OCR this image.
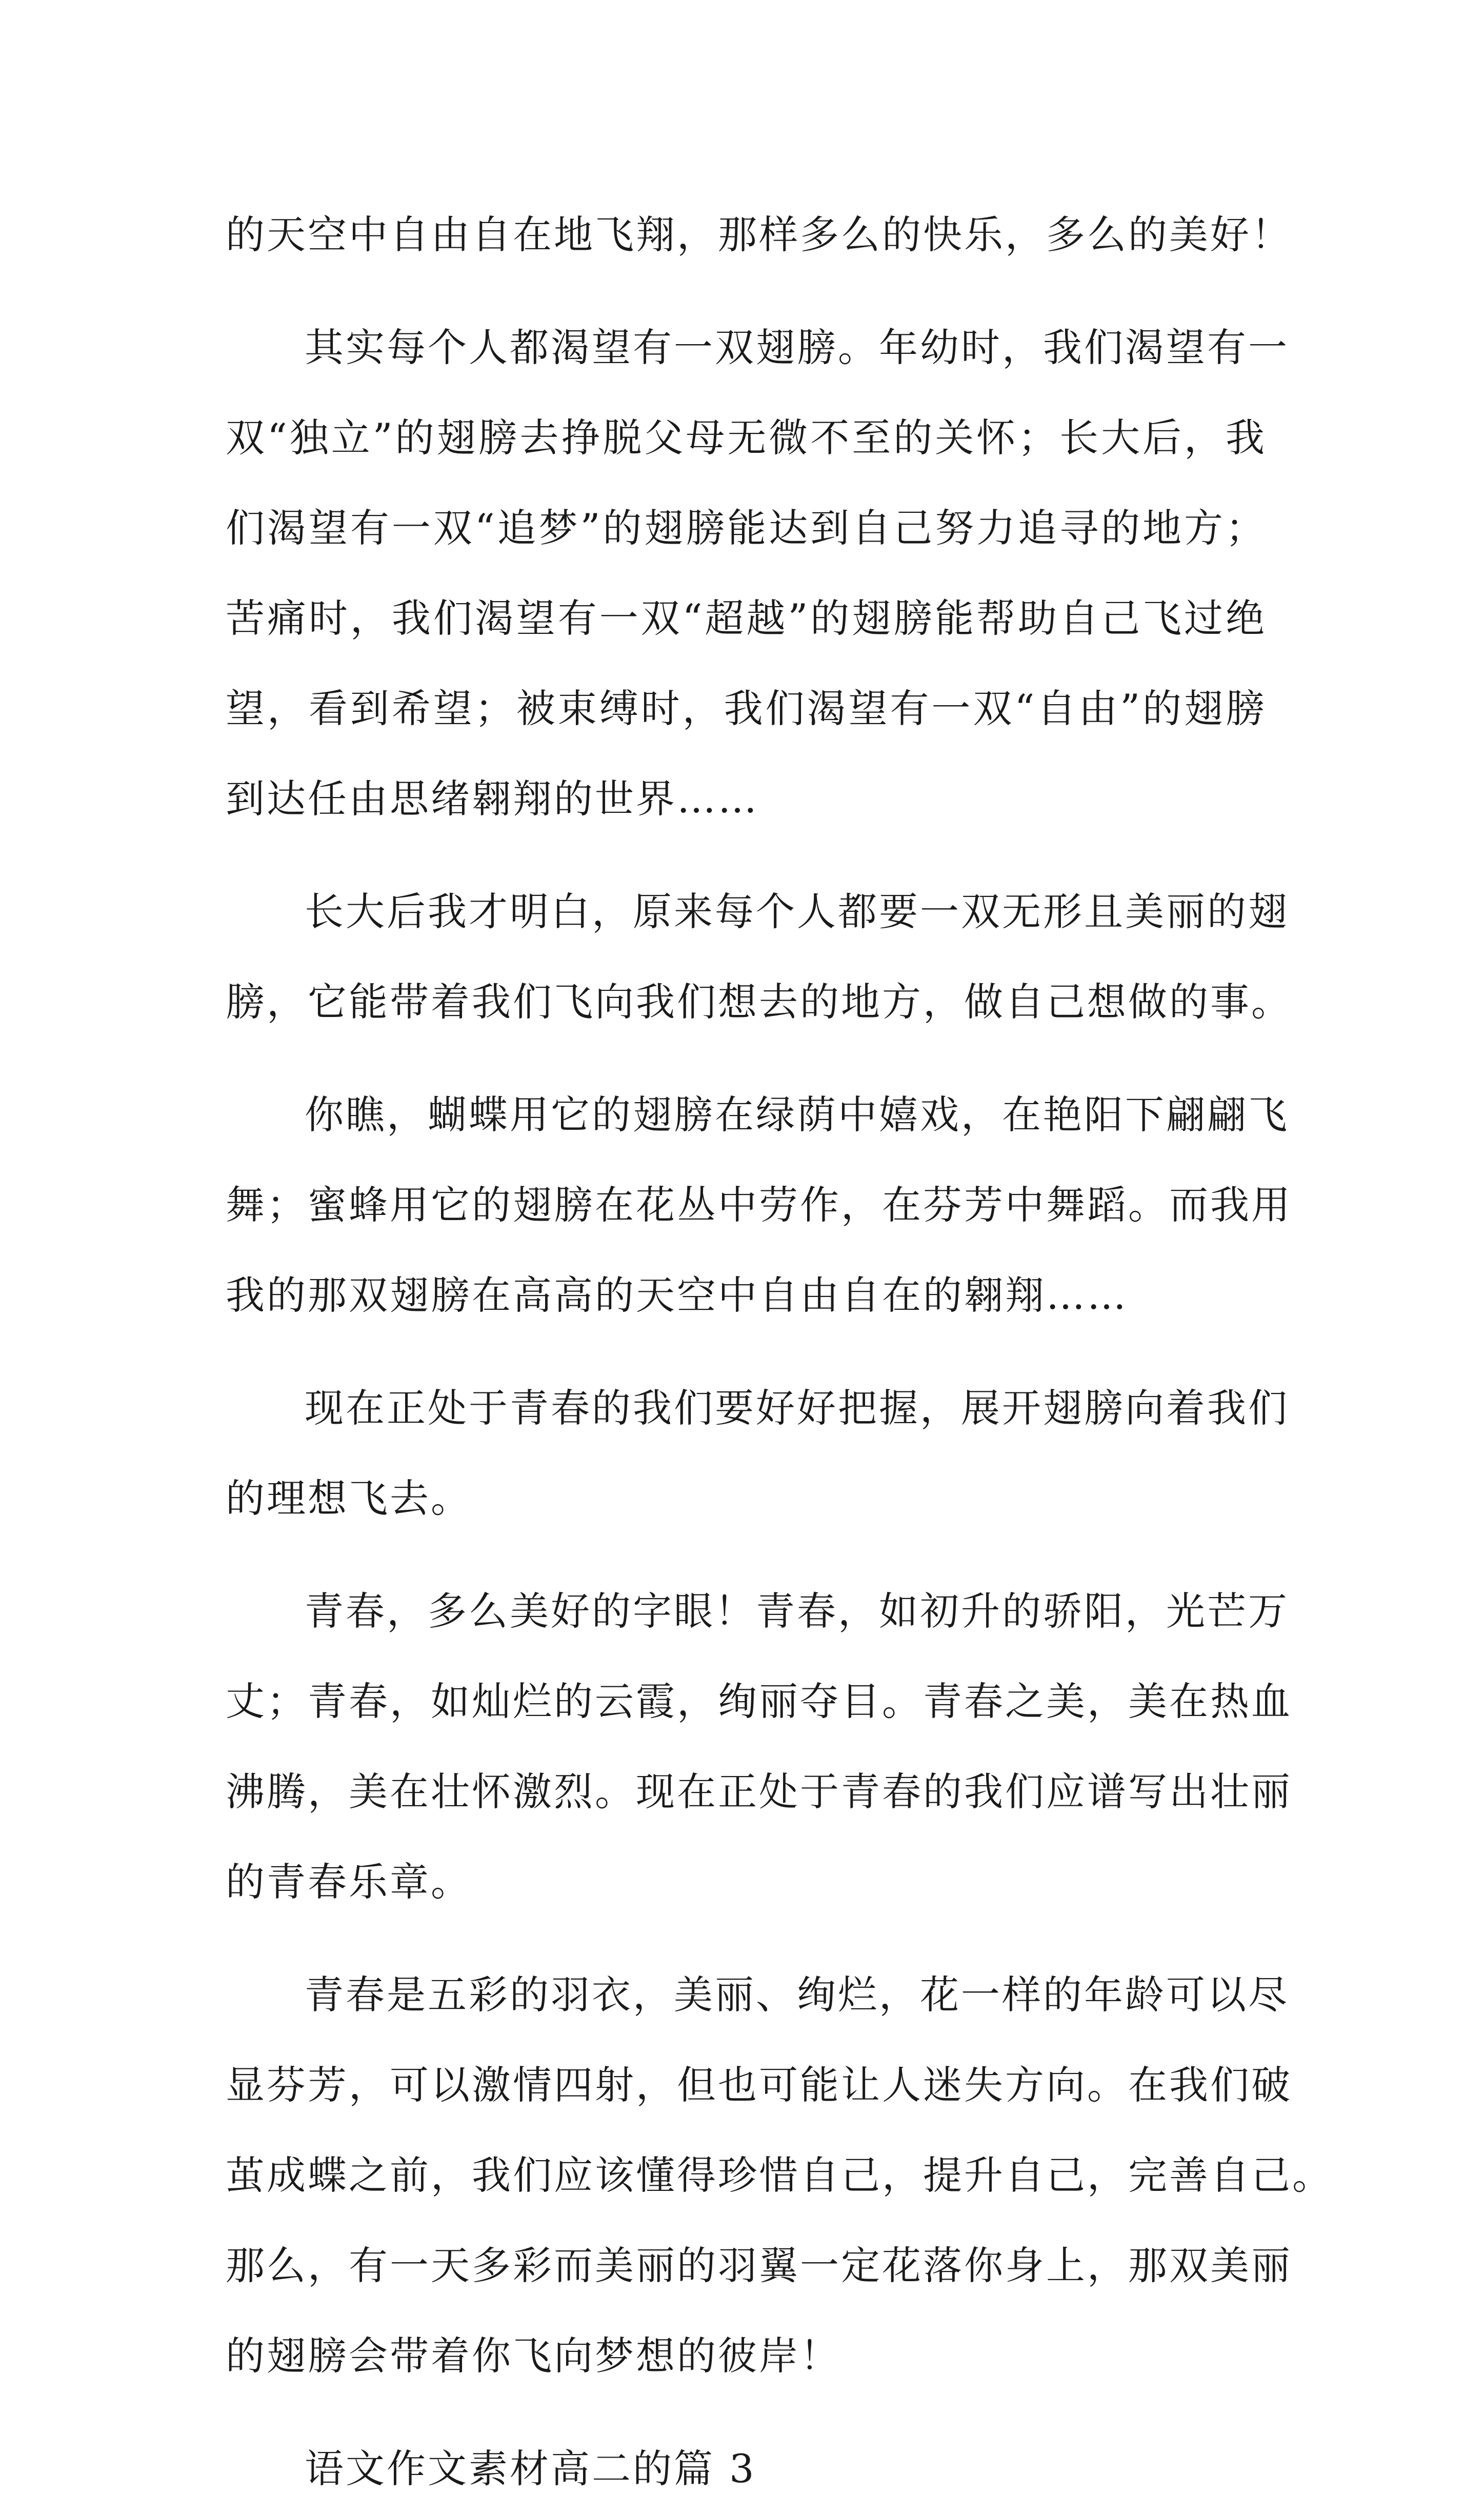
的天空中自由自在地飞翔，那样多么的快乐，多么的美好！
其实每个人都渴望有一双翅膀。年幼时，我们渴望有一
双“独立”的翅膀去挣脱父母无微不至的关怀；长大后，我
们渴望有一双“追梦”的翅膀能达到自己努力追寻的地方；
苦痛时，我们渴望有一双“超越”的翅膀能帮助自己飞过绝
望，看到希望；被束缚时，我们渴望有一双“自由”的翅膀
到达任由思绪翱翔的世界……
长大后我才明白，原来每个人都要一双无形且美丽的翅
膀，它能带着我们飞向我们想去的地方，做自己想做的事。
你瞧，蝴蝶用它的翅膀在绿荫中嬉戏，在艳阳下翩翩飞
舞；蜜蜂用它的翅膀在花丛中劳作，在芬芳中舞蹈。而我用
我的那双翅膀在高高的天空中自由自在的翱翔……
现在正处于青春的我们要好好把握，展开翅膀向着我们
的理想飞去。
青春，多么美好的字眼！青春，如初升的骄阳，光芒万
丈；青春，如灿烂的云霞，绚丽夺目。青春之美，美在热血
沸腾，美在壮怀激烈。现在正处于青春的我们应谱写出壮丽
的青春乐章。
青春是五彩的羽衣，美丽、绚烂，花一样的年龄可以尽
显芬芳，可以激情四射，但也可能让人迷失方向。在我们破
茧成蝶之前，我们应该懂得珍惜自己，提升自己，完善自己。
那么，有一天多彩而美丽的羽翼一定花落你身上，那双美丽
的翅膀会带着你飞向梦想的彼岸！
语文作文素材高二的篇 3
